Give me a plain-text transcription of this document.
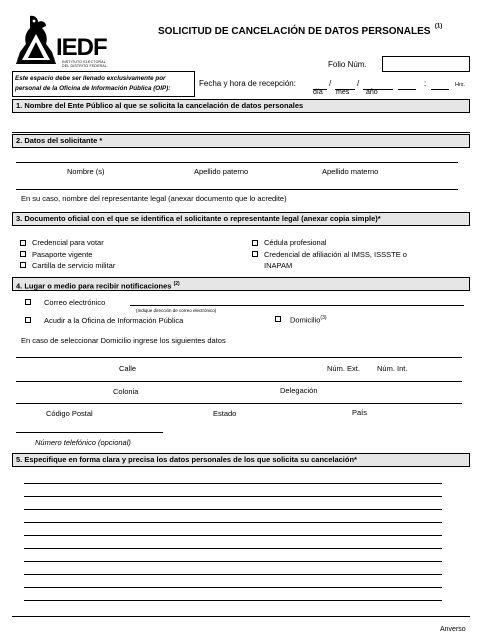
IEDF
INSTITUTO ELECTORAL
DEL DISTRITO FEDERAL
SOLICITUD DE CANCELACIÓN DE DATOS PERSONALES $^{(1)}$
Folio Núm.
Este espacio debe ser llenado exclusivamente por
personal de la Oficina de Información Pública (OIP):
Fecha y hora de recepción:	/	/	:	Hrs.
día mes año
1. Nombre del Ente Público al que se solicita la cancelación de datos personales
2. Datos del solicitante *
Nombre (s)	Apellido paterno	Apellido materno
En su caso, nombre del representante legal (anexar documento que lo acredite)
3. Documento oficial con el que se identifica el solicitante o representante legal (anexar copia simple)*
Credencial para votar
Pasaporte vigente
Cartilla de servicio militar
Cédula profesional
Credencial de afiliación al IMSS, ISSSTE o
INAPAM
4. Lugar o medio para recibir notificaciones $^{(2)}$
Correo electrónico
(Indique dirección de correo electrónico)
Acudir a la Oficina de Información Pública	Domicilio$^{(3)}$
En caso de seleccionar Domicilio ingrese los siguientes datos
Calle	Núm. Ext. Núm. Int.
Colonia	Delegación
Código Postal	Estado	País
Número telefónico (opcional)
5. Especifique en forma clara y precisa los datos personales de los que solicita su cancelación*
Anverso
